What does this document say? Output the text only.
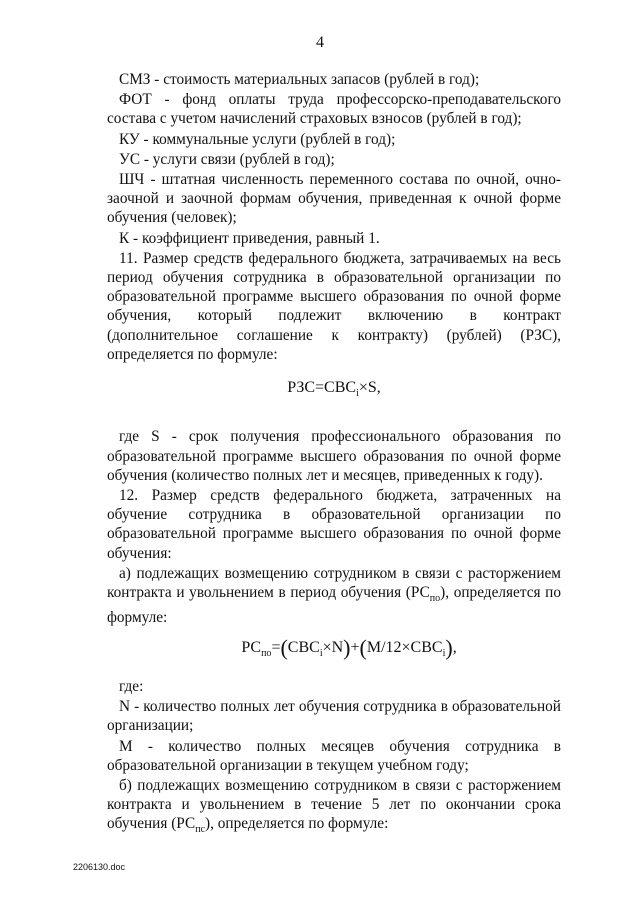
4

СМЗ - стоимость материальных запасов (рублей в год);

ФОТ - фонд оплаты труда профессорско-преподавательского состава с учетом начислений страховых взносов (рублей в год);

КУ - коммунальные услуги (рублей в год);

УС - услуги связи (рублей в год);

ШЧ - штатная численность переменного состава по очной, очно-заочной и заочной формам обучения, приведенная к очной форме обучения (человек);

К - коэффициент приведения, равный 1.

11. Размер средств федерального бюджета, затрачиваемых на весь период обучения сотрудника в образовательной организации по образовательной программе высшего образования по очной форме обучения, который подлежит включению в контракт (дополнительное соглашение к контракту) (рублей) (РЗС), определяется по формуле:

$РЗС=СВС_i\times S$,

где S - срок получения профессионального образования по образовательной программе высшего образования по очной форме обучения (количество полных лет и месяцев, приведенных к году).

12. Размер средств федерального бюджета, затраченных на обучение сотрудника в образовательной организации по образовательной программе высшего образования по очной форме обучения:

а) подлежащих возмещению сотрудником в связи с расторжением контракта и увольнением в период обучения $(РС_{по})$, определяется по формуле:

$РС_{по}=(СВС_i\times N)+(M/12\times СВС_i)$,

где:

N - количество полных лет обучения сотрудника в образовательной организации;

M - количество полных месяцев обучения сотрудника в образовательной организации в текущем учебном году;

б) подлежащих возмещению сотрудником в связи с расторжением контракта и увольнением в течение 5 лет по окончании срока обучения $(РС_{пс})$, определяется по формуле:

2206130.doc
